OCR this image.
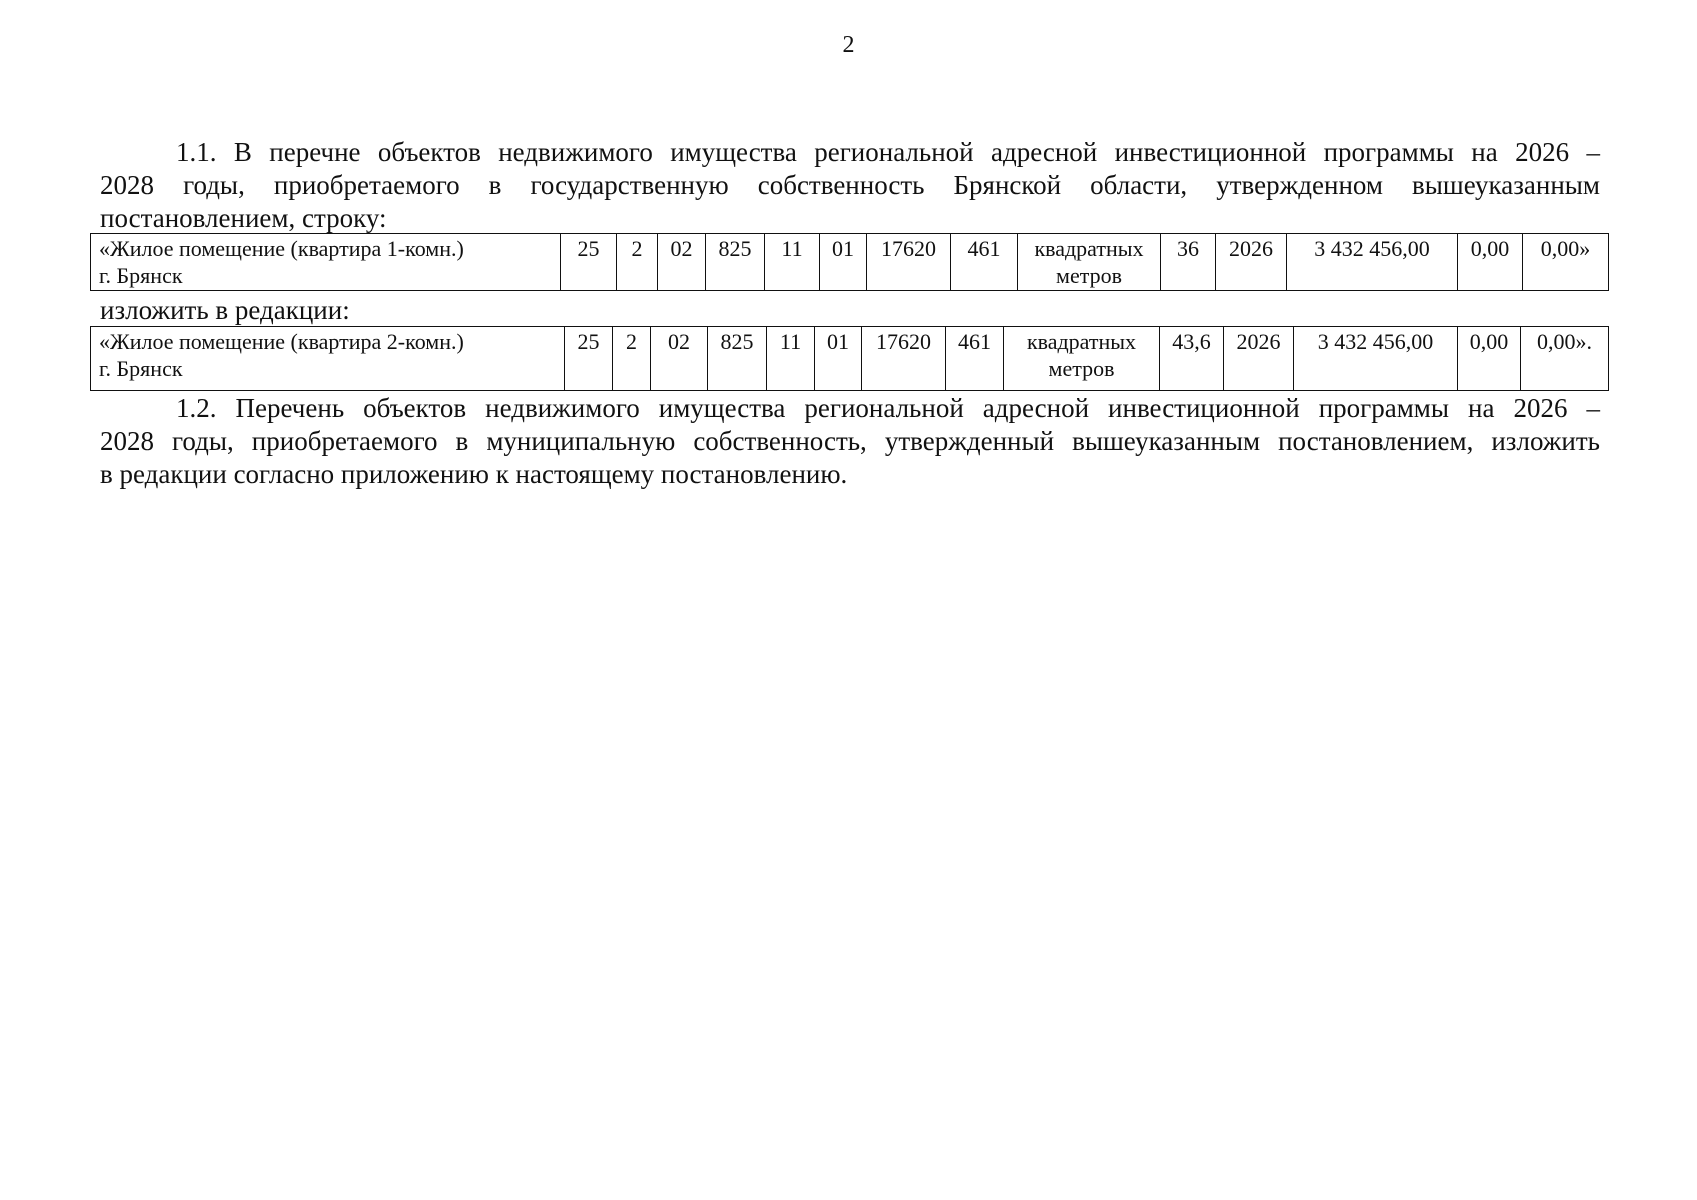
2
1.1. В перечне объектов недвижимого имущества региональной адресной инвестиционной программы на 2026 –
2028 годы, приобретаемого в государственную собственность Брянской области, утвержденном вышеуказанным
постановлением, строку:
«Жилое помещение (квартира 1-комн.)
г. Брянск
	25	2	02	825	11	01	17620	461	квадратных
метров
	36	2026	3 432 456,00	0,00	0,00»
изложить в редакции:
«Жилое помещение (квартира 2-комн.)
г. Брянск
	25	2	02	825	11	01	17620	461	квадратных
метров
	43,6	2026	3 432 456,00	0,00	0,00».
1.2. Перечень объектов недвижимого имущества региональной адресной инвестиционной программы на 2026 –
2028 годы, приобретаемого в муниципальную собственность, утвержденный вышеуказанным постановлением, изложить
в редакции согласно приложению к настоящему постановлению.
